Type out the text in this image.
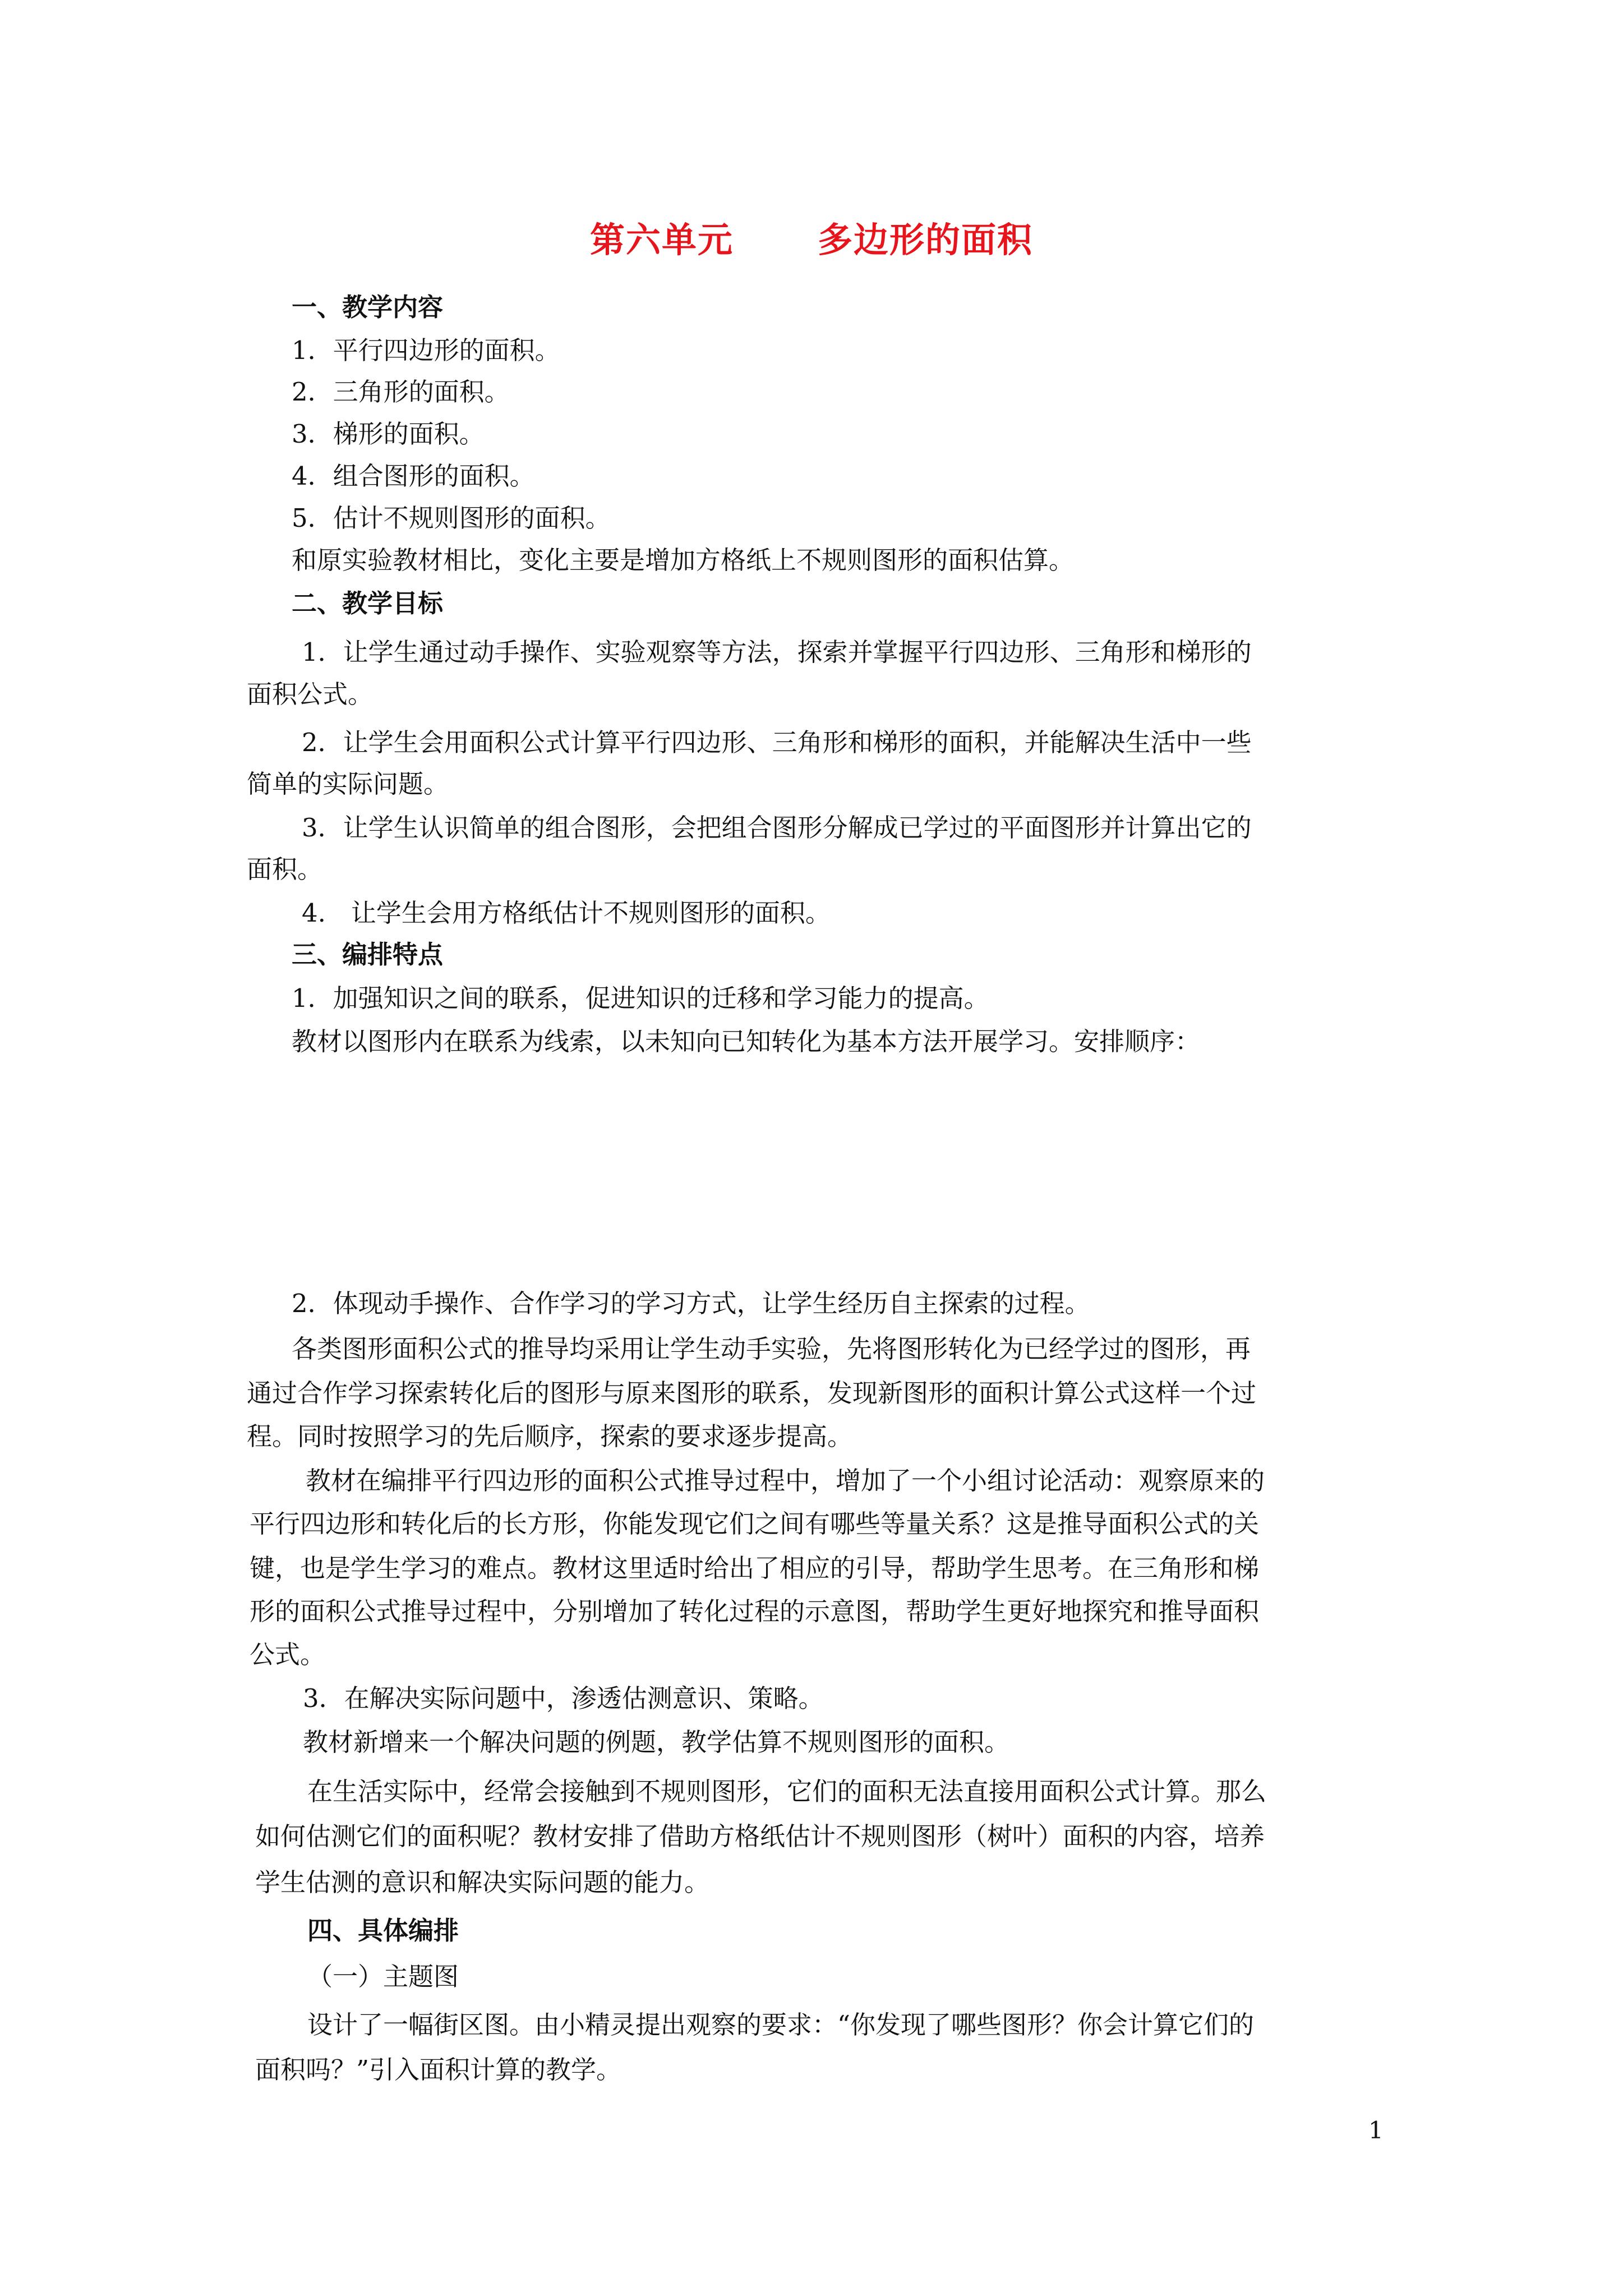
第六单元 多边形的面积
一、教学内容
1．平行四边形的面积。
2．三角形的面积。
3．梯形的面积。
4．组合图形的面积。
5．估计不规则图形的面积。
和原实验教材相比，变化主要是增加方格纸上不规则图形的面积估算。
二、教学目标
1．让学生通过动手操作、实验观察等方法，探索并掌握平行四边形、三角形和梯形的
面积公式。
2．让学生会用面积公式计算平行四边形、三角形和梯形的面积，并能解决生活中一些
简单的实际问题。
3．让学生认识简单的组合图形，会把组合图形分解成已学过的平面图形并计算出它的
面积。
4.　让学生会用方格纸估计不规则图形的面积。
三、编排特点
1．加强知识之间的联系，促进知识的迁移和学习能力的提高。
教材以图形内在联系为线索，以未知向已知转化为基本方法开展学习。安排顺序：
2．体现动手操作、合作学习的学习方式，让学生经历自主探索的过程。
各类图形面积公式的推导均采用让学生动手实验，先将图形转化为已经学过的图形，再
通过合作学习探索转化后的图形与原来图形的联系，发现新图形的面积计算公式这样一个过
程。同时按照学习的先后顺序，探索的要求逐步提高。
教材在编排平行四边形的面积公式推导过程中，增加了一个小组讨论活动：观察原来的
平行四边形和转化后的长方形，你能发现它们之间有哪些等量关系？这是推导面积公式的关
键，也是学生学习的难点。教材这里适时给出了相应的引导，帮助学生思考。在三角形和梯
形的面积公式推导过程中，分别增加了转化过程的示意图，帮助学生更好地探究和推导面积
公式。
3．在解决实际问题中，渗透估测意识、策略。
教材新增来一个解决问题的例题，教学估算不规则图形的面积。
在生活实际中，经常会接触到不规则图形，它们的面积无法直接用面积公式计算。那么
如何估测它们的面积呢？教材安排了借助方格纸估计不规则图形（树叶）面积的内容，培养
学生估测的意识和解决实际问题的能力。
四、具体编排
（一）主题图
设计了一幅街区图。由小精灵提出观察的要求：“你发现了哪些图形？你会计算它们的
面积吗？”引入面积计算的教学。
1
